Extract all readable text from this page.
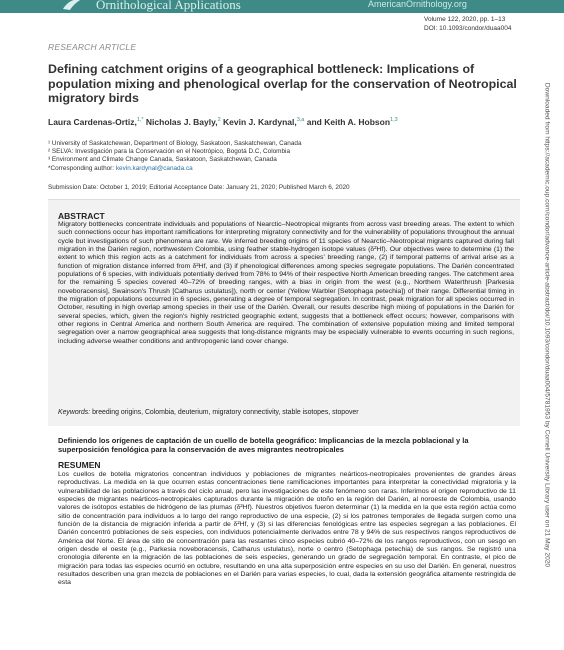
Ornithological Applications	AmericanOrnithology.org
Volume 122, 2020, pp. 1–13
DOI: 10.1093/condor/duaa004
RESEARCH ARTICLE
Defining catchment origins of a geographical bottleneck: Implications of population mixing and phenological overlap for the conservation of Neotropical migratory birds
Laura Cardenas-Ortiz,$^{1,*}$ Nicholas J. Bayly,$^2$ Kevin J. Kardynal,$^{3,a}$ and Keith A. Hobson$^{1,3}$
¹ University of Saskatchewan, Department of Biology, Saskatoon, Saskatchewan, Canada
² SELVA: Investigación para la Conservación en el Neotrópico, Bogotá D.C, Colombia
³ Environment and Climate Change Canada, Saskatoon, Saskatchewan, Canada
*Corresponding author: kevin.kardynal@canada.ca
Submission Date: October 1, 2019; Editorial Acceptance Date: January 21, 2020; Published March 6, 2020
ABSTRACT

Migratory bottlenecks concentrate individuals and populations of Nearctic–Neotropical migrants from across vast breeding areas. The extent to which such connections occur has important ramifications for interpreting migratory connectivity and for the vulnerability of populations throughout the annual cycle but investigations of such phenomena are rare. We inferred breeding origins of 11 species of Nearctic–Neotropical migrants captured during fall migration in the Darién region, northwestern Colombia, using feather stable-hydrogen isotope values (δ²Hf). Our objectives were to determine (1) the extent to which this region acts as a catchment for individuals from across a species' breeding range, (2) if temporal patterns of arrival arise as a function of migration distance inferred from δ²Hf, and (3) if phenological differences among species segregate populations. The Darién concentrated populations of 6 species, with individuals potentially derived from 78% to 94% of their respective North American breeding ranges. The catchment area for the remaining 5 species covered 40–72% of breeding ranges, with a bias in origin from the west (e.g., Northern Waterthrush [Parkesia noveboracensis], Swainson's Thrush [Catharus ustulatus]), north or center (Yellow Warbler [Setophaga petechia]) of their range. Differential timing in the migration of populations occurred in 6 species, generating a degree of temporal segregation. In contrast, peak migration for all species occurred in October, resulting in high overlap among species in their use of the Darién. Overall, our results describe high mixing of populations in the Darién for several species, which, given the region's highly restricted geographic extent, suggests that a bottleneck effect occurs; however, comparisons with other regions in Central America and northern South America are required. The combination of extensive population mixing and limited temporal segregation over a narrow geographical area suggests that long-distance migrants may be especially vulnerable to events occurring in such regions, including adverse weather conditions and anthropogenic land cover change.

Keywords: breeding origins, Colombia, deuterium, migratory connectivity, stable isotopes, stopover
Definiendo los orígenes de captación de un cuello de botella geográfico: Implicancias de la mezcla poblacional y la superposición fenológica para la conservación de aves migrantes neotropicales
RESUMEN

Los cuellos de botella migratorios concentran individuos y poblaciones de migrantes neárticos-neotropicales provenientes de grandes áreas reproductivas. La medida en la que ocurren estas concentraciones tiene ramificaciones importantes para interpretar la conectividad migratoria y la vulnerabilidad de las poblaciones a través del ciclo anual, pero las investigaciones de este fenómeno son raras. Inferimos el origen reproductivo de 11 especies de migrantes neárticos-neotropicales capturados durante la migración de otoño en la región del Darién, al noroeste de Colombia, usando valores de isótopos estables de hidrógeno de las plumas (δ²Hf). Nuestros objetivos fueron determinar (1) la medida en la que esta región actúa como sitio de concentración para individuos a lo largo del rango reproductivo de una especie, (2) si los patrones temporales de llegada surgen como una función de la distancia de migración inferida a partir de δ²Hf, y (3) si las diferencias fenológicas entre las especies segregan a las poblaciones. El Darién concentró poblaciones de seis especies, con individuos potencialmente derivados entre 78 y 94% de sus respectivos rangos reproductivos de América del Norte. El área de sitio de concentración para las restantes cinco especies cubrió 40–72% de los rangos reproductivos, con un sesgo en origen desde el oeste (e.g., Parkesia noveboracensis, Catharus ustulatus), norte o centro (Setophaga petechia) de sus rangos. Se registró una cronología diferente en la migración de las poblaciones de seis especies, generando un grado de segregación temporal. En contraste, el pico de migración para todas las especies ocurrió en octubre, resultando en una alta superposición entre especies en su uso del Darién. En general, nuestros resultados describen una gran mezcla de poblaciones en el Darién para varias especies, lo cual, dada la extensión geográfica altamente restringida de esta

Downloaded from https://academic.oup.com/condor/advance-article-abstract/doi/10.1093/condor/duaa004/5781953 by Cornell University Library user on 21 May 2020
